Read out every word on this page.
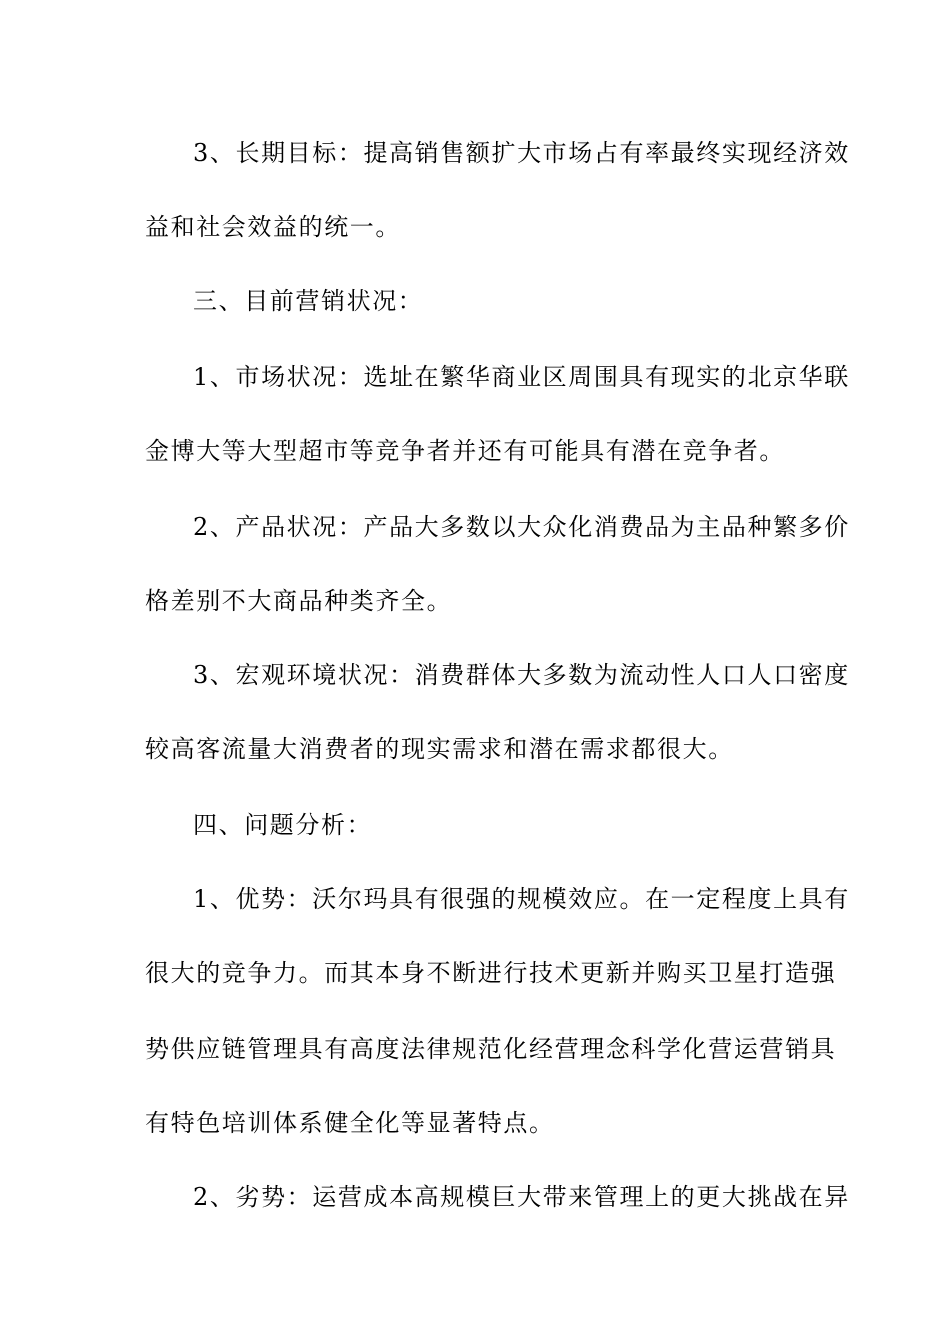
3、长期目标：提高销售额扩大市场占有率最终实现经济效
益和社会效益的统一。
三、目前营销状况：
1、市场状况：选址在繁华商业区周围具有现实的北京华联
金博大等大型超市等竞争者并还有可能具有潜在竞争者。
2、产品状况：产品大多数以大众化消费品为主品种繁多价
格差别不大商品种类齐全。
3、宏观环境状况：消费群体大多数为流动性人口人口密度
较高客流量大消费者的现实需求和潜在需求都很大。
四、问题分析：
1、优势：沃尔玛具有很强的规模效应。在一定程度上具有
很大的竞争力。而其本身不断进行技术更新并购买卫星打造强
势供应链管理具有高度法律规范化经营理念科学化营运营销具
有特色培训体系健全化等显著特点。
2、劣势：运营成本高规模巨大带来管理上的更大挑战在异
